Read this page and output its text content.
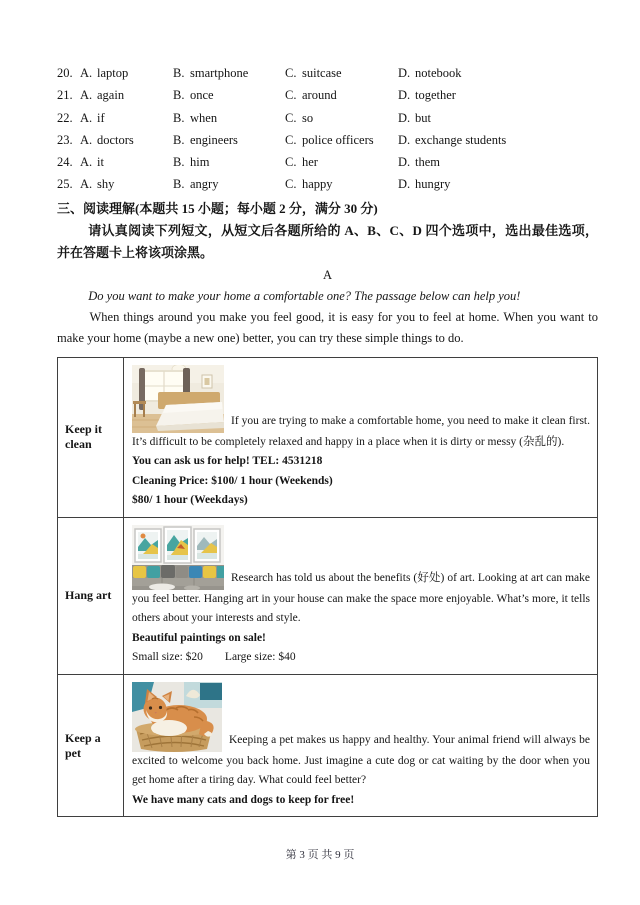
20. A. laptop	B. smartphone	C. suitcase	D. notebook
21. A. again	B. once	C. around	D. together
22. A. if	B. when	C. so	D. but
23. A. doctors	B. engineers	C. police officers D. exchange students
24. A. it	B. him	C. her	D. them
25. A. shy	B. angry	C. happy	D. hungry
三、阅读理解(本题共 15 小题；每小题 2 分，满分 30 分)

请认真阅读下列短文，从短文后各题所给的 A、B、C、D 四个选项中，选出最佳选项，并在答题卡上将该项涂黑。

A

Do you want to make your home a comfortable one? The passage below can help you!

When things around you make you feel good, it is easy for you to feel at home. When you want to make your home (maybe a new one) better, you can try these simple things to do.

Keep it clean	If you are trying to make a comfortable home, you need to make it clean first.

It’s difficult to be completely relaxed and happy in a place when it is dirty or messy (杂乱的).

You can ask us for help! TEL: 4531218

Cleaning Price: $100/ 1 hour (Weekends)

$80/ 1 hour (Weekdays)

Hang art	Research has told us about the benefits (好处) of art. Looking at art can make

you feel better. Hanging art in your house can make the space more enjoyable. What’s more, it tells others about your interests and style.

Beautiful paintings on sale!

Small size: $20 Large size: $40

Keep a pet	Keeping a pet makes us happy and healthy. Your animal friend will always be

excited to welcome you back home. Just imagine a cute dog or cat waiting by the door when you get home after a tiring day. What could feel better?

We have many cats and dogs to keep for free!

第 3 页 共 9 页
